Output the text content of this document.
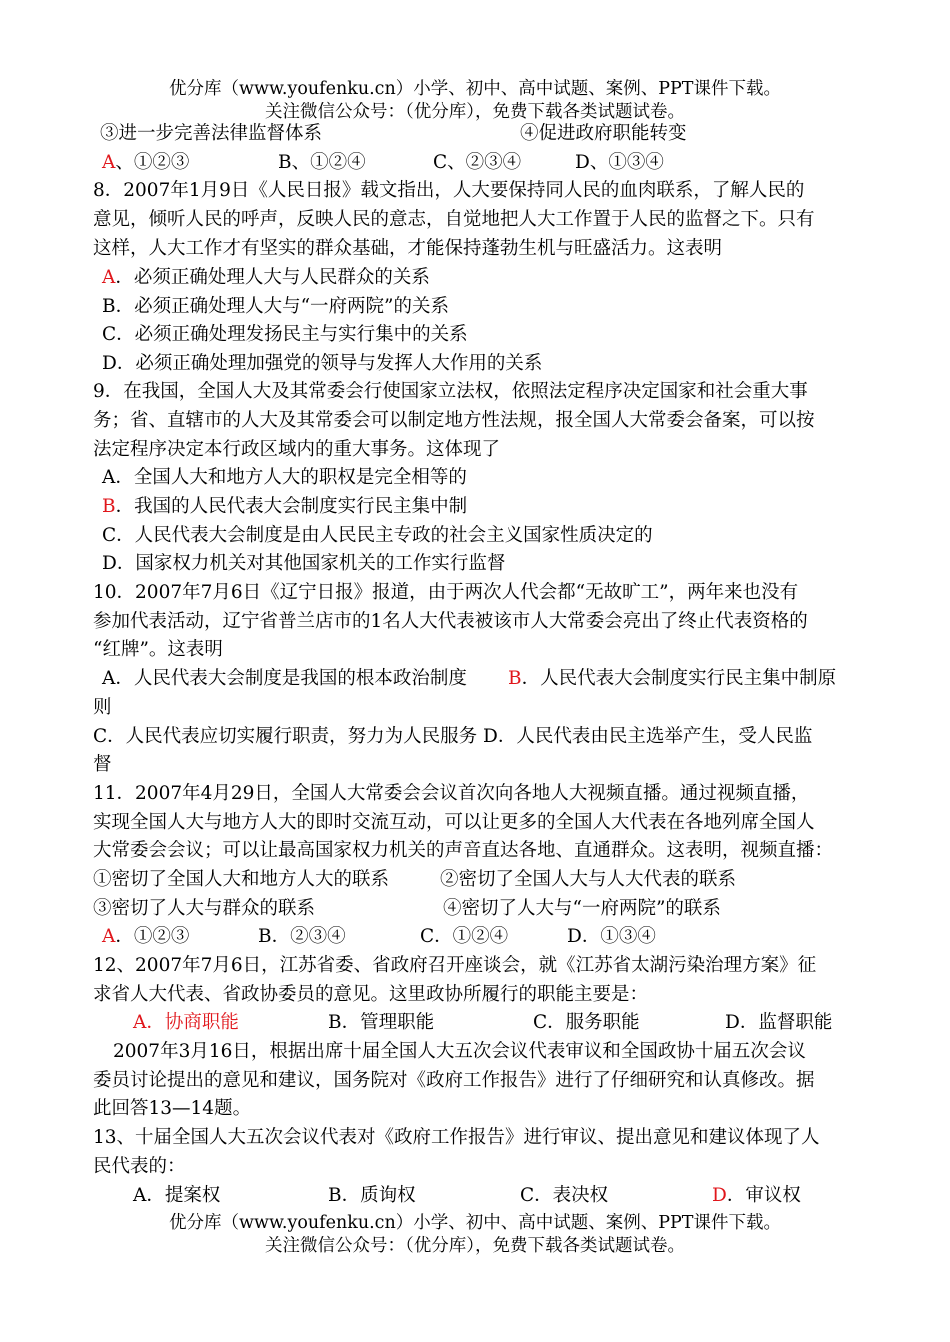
优分库（www.youfenku.cn）小学、初中、高中试题、案例、PPT课件下载。
关注微信公众号：（优分库），免费下载各类试题试卷。
③进一步完善法律监督体系	④促进政府职能转变
A、①②③	B、①②④	C、②③④	D、①③④
8．2007年1月9日《人民日报》载文指出，人大要保持同人民的血肉联系，了解人民的
意见，倾听人民的呼声，反映人民的意志，自觉地把人大工作置于人民的监督之下。只有
这样，人大工作才有坚实的群众基础，才能保持蓬勃生机与旺盛活力。这表明
A．必须正确处理人大与人民群众的关系
B．必须正确处理人大与“一府两院”的关系
C．必须正确处理发扬民主与实行集中的关系
D．必须正确处理加强党的领导与发挥人大作用的关系
9．在我国，全国人大及其常委会行使国家立法权，依照法定程序决定国家和社会重大事
务；省、直辖市的人大及其常委会可以制定地方性法规，报全国人大常委会备案，可以按
法定程序决定本行政区域内的重大事务。这体现了
A．全国人大和地方人大的职权是完全相等的
B．我国的人民代表大会制度实行民主集中制
C．人民代表大会制度是由人民民主专政的社会主义国家性质决定的
D．国家权力机关对其他国家机关的工作实行监督
10．2007年7月6日《辽宁日报》报道，由于两次人代会都“无故旷工”，两年来也没有
参加代表活动，辽宁省普兰店市的1名人大代表被该市人大常委会亮出了终止代表资格的
“红牌”。这表明
A．人民代表大会制度是我国的根本政治制度 B．人民代表大会制度实行民主集中制原
则
C．人民代表应切实履行职责，努力为人民服务 D．人民代表由民主选举产生，受人民监
督
11．2007年4月29日，全国人大常委会会议首次向各地人大视频直播。通过视频直播，
实现全国人大与地方人大的即时交流互动，可以让更多的全国人大代表在各地列席全国人
大常委会会议；可以让最高国家权力机关的声音直达各地、直通群众。这表明，视频直播：
①密切了全国人大和地方人大的联系	②密切了全国人大与人大代表的联系
③密切了人大与群众的联系	④密切了人大与“一府两院”的联系
A．①②③	B．②③④	C．①②④	D．①③④
12、2007年7月6日，江苏省委、省政府召开座谈会，就《江苏省太湖污染治理方案》征
求省人大代表、省政协委员的意见。这里政协所履行的职能主要是：
A．协商职能	B．管理职能	C．服务职能	D．监督职能
2007年3月16日，根据出席十届全国人大五次会议代表审议和全国政协十届五次会议
委员讨论提出的意见和建议，国务院对《政府工作报告》进行了仔细研究和认真修改。据
此回答13—14题。
13、十届全国人大五次会议代表对《政府工作报告》进行审议、提出意见和建议体现了人
民代表的：
A．提案权	B．质询权	C．表决权	D．审议权
优分库（www.youfenku.cn）小学、初中、高中试题、案例、PPT课件下载。
关注微信公众号：（优分库），免费下载各类试题试卷。
